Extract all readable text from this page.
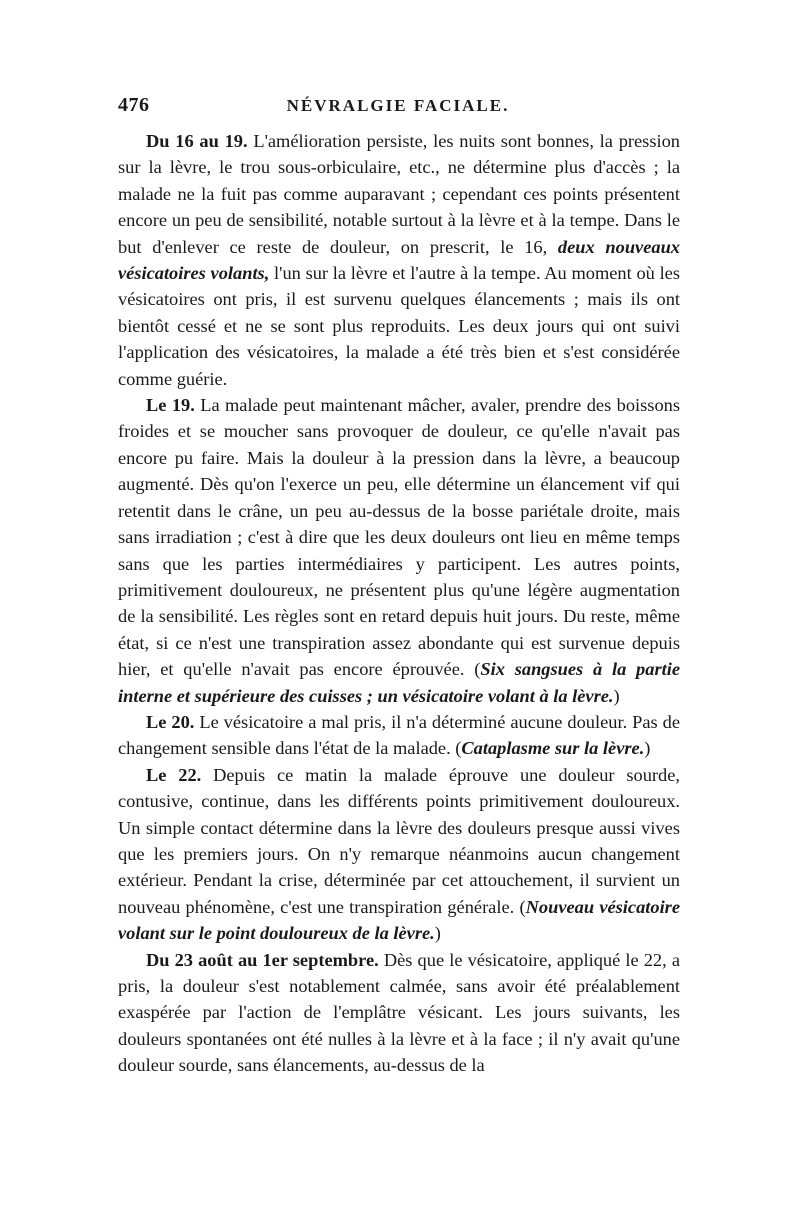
476	NÉVRALGIE FACIALE.

Du 16 au 19. L'amélioration persiste, les nuits sont bonnes, la pression sur la lèvre, le trou sous-orbiculaire, etc., ne détermine plus d'accès ; la malade ne la fuit pas comme auparavant ; cependant ces points présentent encore un peu de sensibilité, notable surtout à la lèvre et à la tempe. Dans le but d'enlever ce reste de douleur, on prescrit, le 16, deux nouveaux vésicatoires volants, l'un sur la lèvre et l'autre à la tempe. Au moment où les vésicatoires ont pris, il est survenu quelques élancements ; mais ils ont bientôt cessé et ne se sont plus reproduits. Les deux jours qui ont suivi l'application des vésicatoires, la malade a été très bien et s'est considérée comme guérie.

Le 19. La malade peut maintenant mâcher, avaler, prendre des boissons froides et se moucher sans provoquer de douleur, ce qu'elle n'avait pas encore pu faire. Mais la douleur à la pression dans la lèvre, a beaucoup augmenté. Dès qu'on l'exerce un peu, elle détermine un élancement vif qui retentit dans le crâne, un peu au-dessus de la bosse pariétale droite, mais sans irradiation ; c'est à dire que les deux douleurs ont lieu en même temps sans que les parties intermédiaires y participent. Les autres points, primitivement douloureux, ne présentent plus qu'une légère augmentation de la sensibilité. Les règles sont en retard depuis huit jours. Du reste, même état, si ce n'est une transpiration assez abondante qui est survenue depuis hier, et qu'elle n'avait pas encore éprouvée. (Six sangsues à la partie interne et supérieure des cuisses ; un vésicatoire volant à la lèvre.)

Le 20. Le vésicatoire a mal pris, il n'a déterminé aucune douleur. Pas de changement sensible dans l'état de la malade. (Cataplasme sur la lèvre.)

Le 22. Depuis ce matin la malade éprouve une douleur sourde, contusive, continue, dans les différents points primitivement douloureux. Un simple contact détermine dans la lèvre des douleurs presque aussi vives que les premiers jours. On n'y remarque néanmoins aucun changement extérieur. Pendant la crise, déterminée par cet attouchement, il survient un nouveau phénomène, c'est une transpiration générale. (Nouveau vésicatoire volant sur le point douloureux de la lèvre.)

Du 23 août au 1er septembre. Dès que le vésicatoire, appliqué le 22, a pris, la douleur s'est notablement calmée, sans avoir été préalablement exaspérée par l'action de l'emplâtre vésicant. Les jours suivants, les douleurs spontanées ont été nulles à la lèvre et à la face ; il n'y avait qu'une douleur sourde, sans élancements, au-dessus de la
